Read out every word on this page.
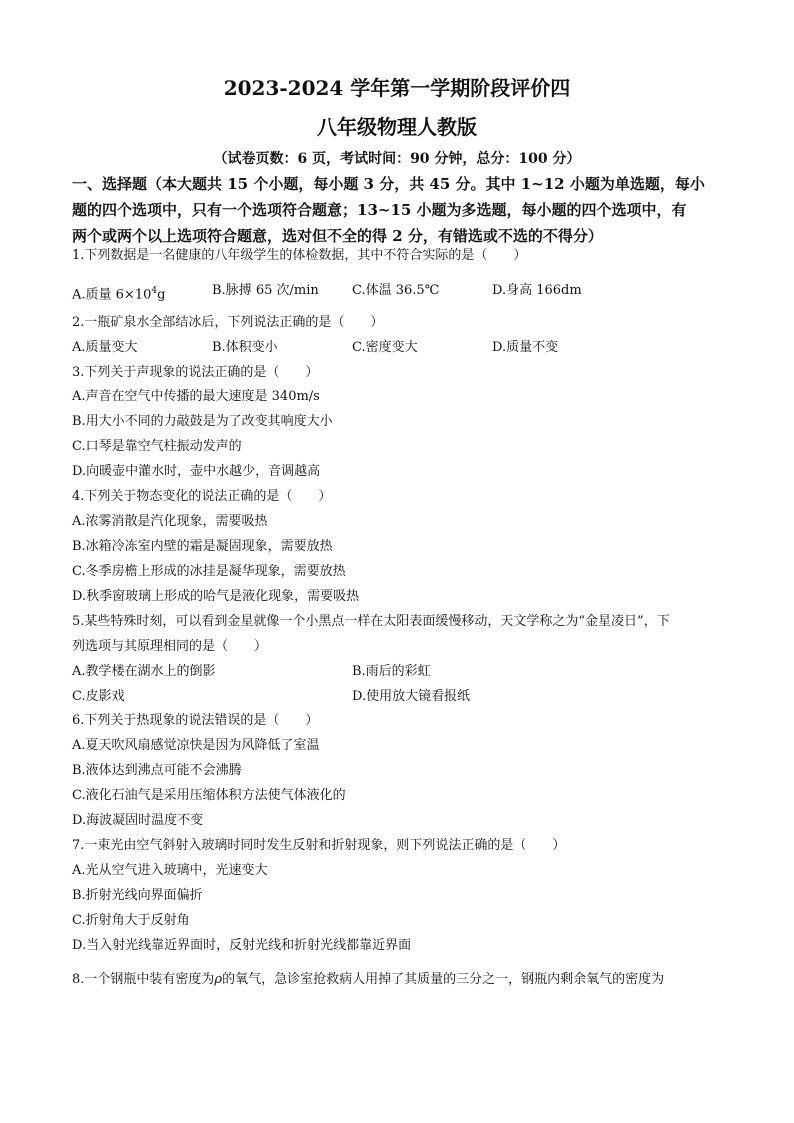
2023-2024 学年第一学期阶段评价四
八年级物理人教版
（试卷页数：6 页，考试时间：90 分钟，总分：100 分）
一、选择题（本大题共 15 个小题，每小题 3 分，共 45 分。其中 1~12 小题为单选题，每小
题的四个选项中，只有一个选项符合题意；13~15 小题为多选题，每小题的四个选项中，有
两个或两个以上选项符合题意，选对但不全的得 2 分，有错选或不选的不得分）
1.下列数据是一名健康的八年级学生的体检数据，其中不符合实际的是（　　）
A.质量 $6\times 10^4g$	B.脉搏 65 次/min	C.体温 36.5℃	D.身高 166dm
2.一瓶矿泉水全部结冰后，下列说法正确的是（　　）
A.质量变大	B.体积变小	C.密度变大	D.质量不变
3.下列关于声现象的说法正确的是（　　）
A.声音在空气中传播的最大速度是 340m/s
B.用大小不同的力敲鼓是为了改变其响度大小
C.口琴是靠空气柱振动发声的
D.向暖壶中灌水时，壶中水越少，音调越高
4.下列关于物态变化的说法正确的是（　　）
A.浓雾消散是汽化现象，需要吸热
B.冰箱冷冻室内壁的霜是凝固现象，需要放热
C.冬季房檐上形成的冰挂是凝华现象，需要放热
D.秋季窗玻璃上形成的哈气是液化现象，需要吸热
5.某些特殊时刻，可以看到金星就像一个小黑点一样在太阳表面缓慢移动，天文学称之为“金星凌日”，下
列选项与其原理相同的是（　　）
A.教学楼在湖水上的倒影	B.雨后的彩虹
C.皮影戏	D.使用放大镜看报纸
6.下列关于热现象的说法错误的是（　　）
A.夏天吹风扇感觉凉快是因为风降低了室温
B.液体达到沸点可能不会沸腾
C.液化石油气是采用压缩体积方法使气体液化的
D.海波凝固时温度不变
7.一束光由空气斜射入玻璃时同时发生反射和折射现象，则下列说法正确的是（　　）
A.光从空气进入玻璃中，光速变大
B.折射光线向界面偏折
C.折射角大于反射角
D.当入射光线靠近界面时，反射光线和折射光线都靠近界面
8.一个钢瓶中装有密度为ρ的氧气，急诊室抢救病人用掉了其质量的三分之一，钢瓶内剩余氧气的密度为
